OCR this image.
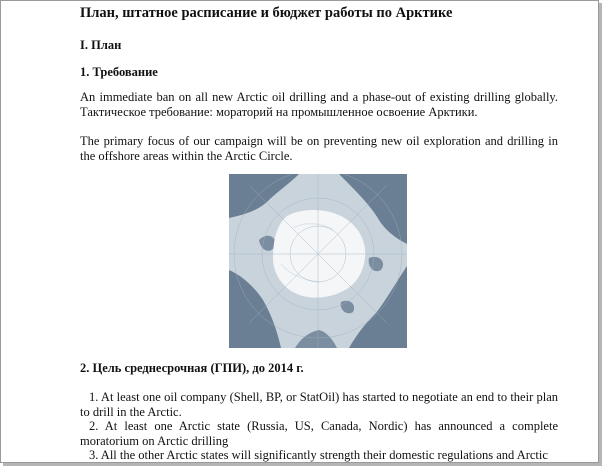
План, штатное расписание и бюджет работы по Арктике
I. План
1. Требование
An immediate ban on all new Arctic oil drilling and a phase-out of existing drilling globally. Тактическое требование: мораторий на промышленное освоение Арктики.
The primary focus of our campaign will be on preventing new oil exploration and drilling in the offshore areas within the Arctic Circle.
2. Цель среднесрочная (ГПИ), до 2014 г.
1. At least one oil company (Shell, BP, or StatOil) has started to negotiate an end to their plan to drill in the Arctic.
2. At least one Arctic state (Russia, US, Canada, Nordic) has announced a complete moratorium on Arctic drilling
3. All the other Arctic states will significantly strength their domestic regulations and Arctic
